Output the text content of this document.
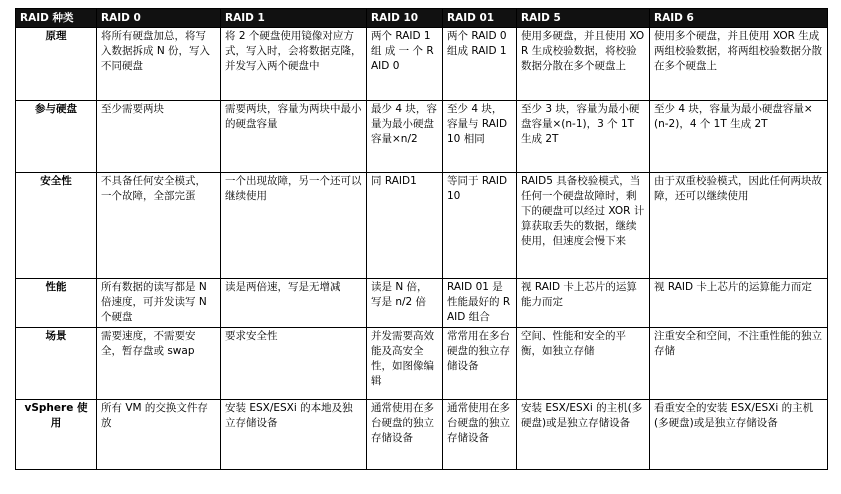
RAID 种类	RAID 0	RAID 1	RAID 10	RAID 01	RAID 5	RAID 6
原理	将所有硬盘加总，将写入数据拆成 N 份，写入不同硬盘	将 2 个硬盘使用镜像对应方式，写入时，会将数据克隆，并发写入两个硬盘中	两个 RAID 1 组 成 一 个 RAID 0	两个 RAID 0 组成 RAID 1	使用多硬盘，并且使用 XOR 生成校验数据，将校验数据分散在多个硬盘上	使用多个硬盘，并且使用 XOR 生成两组校验数据，将两组校验数据分散在多个硬盘上
参与硬盘	至少需要两块	需要两块，容量为两块中最小的硬盘容量	最少 4 块，容量为最小硬盘容量×n/2	至少 4 块，容量与 RAID 10 相同	至少 3 块，容量为最小硬盘容量×(n-1)，3 个 1T 生成 2T	至少 4 块，容量为最小硬盘容量×(n-2)，4 个 1T 生成 2T
安全性	不具备任何安全模式，一个故障，全部完蛋	一个出现故障，另一个还可以继续使用	同 RAID1	等同于 RAID 10	RAID5 具备校验模式，当任何一个硬盘故障时，剩下的硬盘可以经过 XOR 计算获取丢失的数据，继续使用，但速度会慢下来	由于双重校验模式，因此任何两块故障，还可以继续使用
性能	所有数据的读写都是 N 倍速度，可并发读写 N 个硬盘	读是两倍速，写是无增减	读是 N 倍，写是 n/2 倍	RAID 01 是性能最好的 RAID 组合	视 RAID 卡上芯片的运算能力而定	视 RAID 卡上芯片的运算能力而定
场景	需要速度，不需要安全，暂存盘或 swap	要求安全性	并发需要高效能及高安全性，如图像编辑	常常用在多台硬盘的独立存储设备	空间、性能和安全的平衡，如独立存储	注重安全和空间，不注重性能的独立存储
vSphere 使用	所有 VM 的交换文件存放	安装 ESX/ESXi 的本地及独立存储设备	通常使用在多台硬盘的独立存储设备	通常使用在多台硬盘的独立存储设备	安装 ESX/ESXi 的主机(多硬盘)或是独立存储设备	看重安全的安装 ESX/ESXi 的主机(多硬盘)或是独立存储设备
